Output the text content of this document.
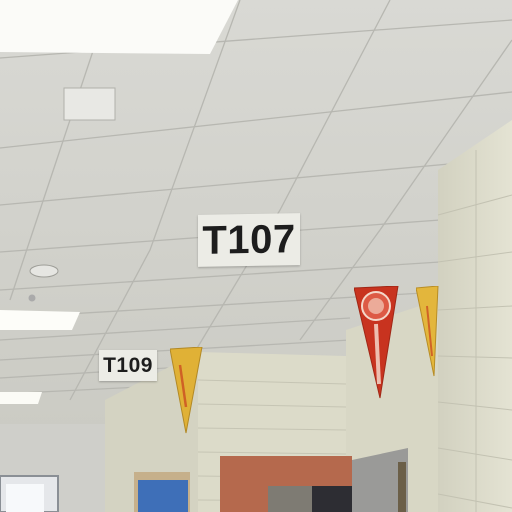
T107
T109
